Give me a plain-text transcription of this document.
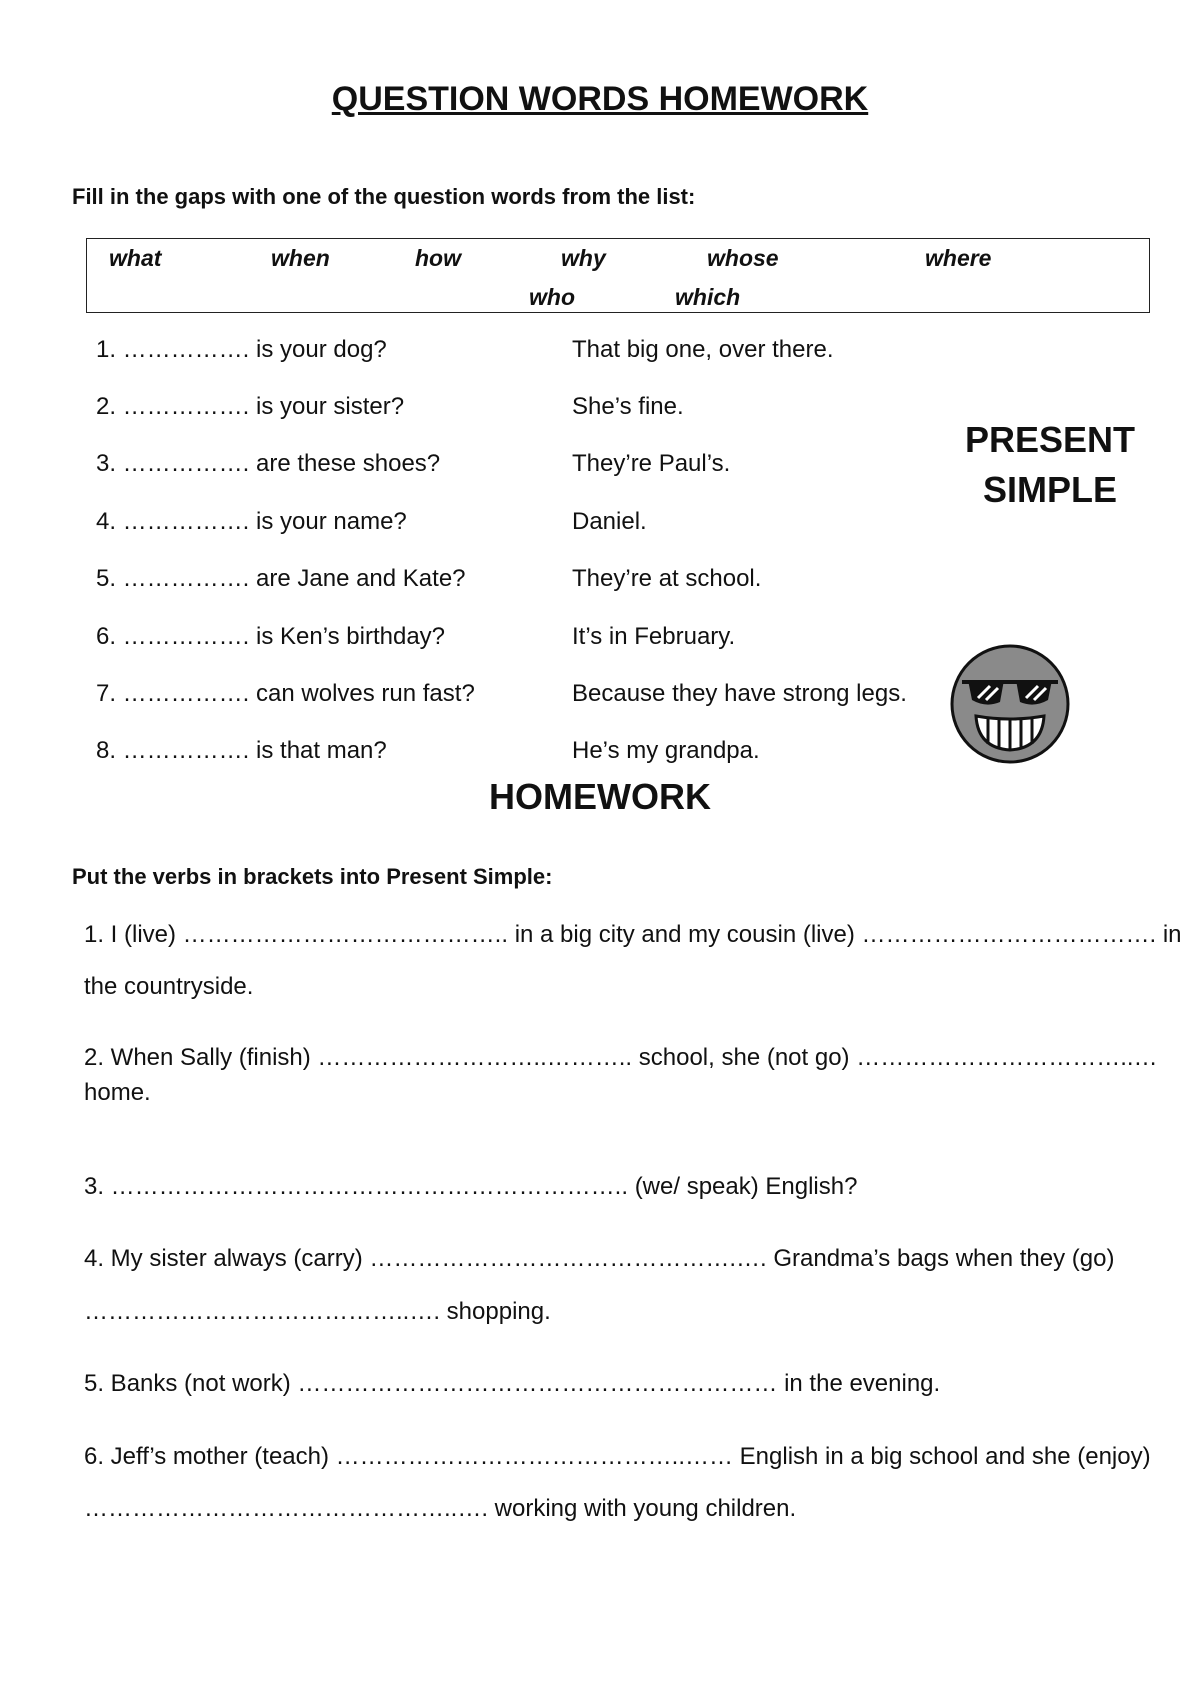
QUESTION WORDS HOMEWORK
Fill in the gaps with one of the question words from the list:
what	when	how	why	whose	where
who	which
1. ……………. is your dog?	That big one, over there.
2. ……………. is your sister?	She’s fine.
3. ……………. are these shoes?	They’re Paul’s.
4. ……………. is your name?	Daniel.
5. ……………. are Jane and Kate?	They’re at school.
6. ……………. is Ken’s birthday?	It’s in February.
7. ……………. can wolves run fast?	Because they have strong legs.
8. ……………. is that man?	He’s my grandpa.
PRESENT
SIMPLE
HOMEWORK
Put the verbs in brackets into Present Simple:
1. I (live) ………………………………….. in a big city and my cousin (live) ………………………………. in
the countryside.
2. When Sally (finish) ………………………..……….. school, she (not go) ……………………………..…
home.
3. ……………………………………………………….. (we/ speak) English?
4. My sister always (carry) ……………………………………….…. Grandma’s bags when they (go)
…………………………………..…. shopping.
5. Banks (not work) …………………………………………………… in the evening.
6. Jeff’s mother (teach) ……………………………………..…… English in a big school and she (enjoy)
………………………………………..…. working with young children.
